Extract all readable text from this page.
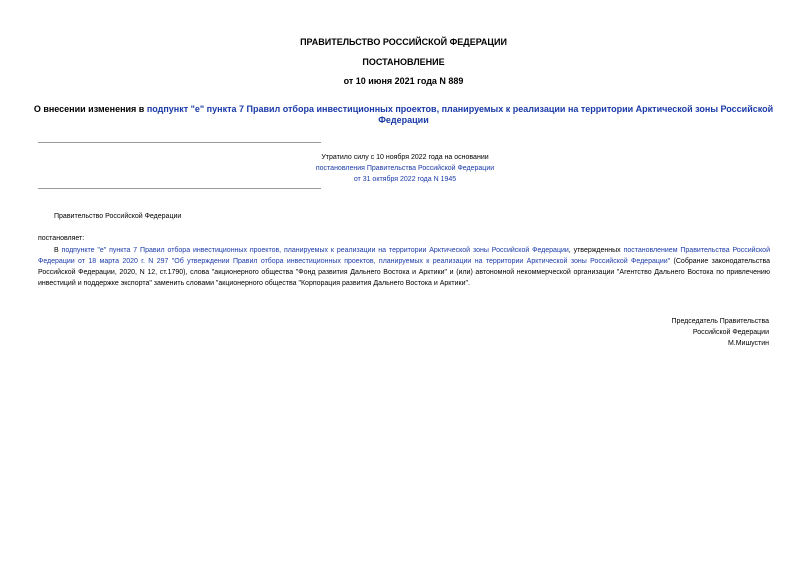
ПРАВИТЕЛЬСТВО РОССИЙСКОЙ ФЕДЕРАЦИИ
ПОСТАНОВЛЕНИЕ
от 10 июня 2021 года N 889
О внесении изменения в подпункт "е" пункта 7 Правил отбора инвестиционных проектов, планируемых к реализации на территории Арктической зоны Российской Федерации
Утратило силу с 10 ноября 2022 года на основании
постановления Правительства Российской Федерации
от 31 октября 2022 года N 1945
Правительство Российской Федерации
постановляет:
В подпункте "е" пункта 7 Правил отбора инвестиционных проектов, планируемых к реализации на территории Арктической зоны Российской Федерации, утвержденных постановлением Правительства Российской Федерации от 18 марта 2020 г. N 297 "Об утверждении Правил отбора инвестиционных проектов, планируемых к реализации на территории Арктической зоны Российской Федерации" (Собрание законодательства Российской Федерации, 2020, N 12, ст.1790), слова "акционерного общества "Фонд развития Дальнего Востока и Арктики" и (или) автономной некоммерческой организации "Агентство Дальнего Востока по привлечению инвестиций и поддержке экспорта" заменить словами "акционерного общества "Корпорация развития Дальнего Востока и Арктики".
Председатель Правительства
Российской Федерации
М.Мишустин
